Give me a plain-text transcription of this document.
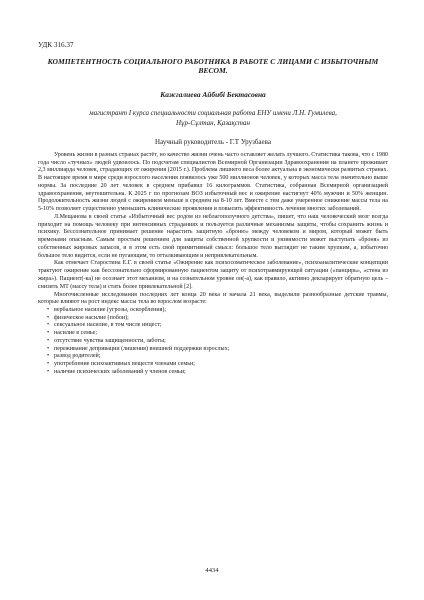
УДК 316.37
КОМПЕТЕНТНОСТЬ СОЦИАЛЬНОГО РАБОТНИКА В РАБОТЕ С ЛИЦАМИ С ИЗБЫТОЧНЫМ ВЕСОМ.
Кажгалиева Айбибі Бектасовна
магистрант I курса специальности социальная работа ЕНУ имени Л.Н. Гумилева,
Нұр-Сұлтан, Қазақстан
Научный руководитель - Г.Т Урузбаева

Уровень жизни в разных странах растёт, но качество жизни очень часто оставляет желать лучшего. Статистика такова, что с 1980 года число «тучных» людей удвоилось. По подсчетам специалистов Всемирной Организации Здравоохранения на планете проживает 2,3 миллиарда человек, страдающих от ожирения (2015 г.). Проблема лишнего веса более актуальна в экономически развитых странах. В настоящее время в мире среди взрослого населения появилось уже 500 миллионов человек, у которых масса тела значительно выше нормы. За последние 20 лет человек в среднем прибавил 16 килограммов. Статистика, собранная Всемирной организацией здравоохранения, неутешительна. К 2025 г по прогнозам ВОЗ избыточный вес и ожирение настигнут 40% мужчин и 50% женщин. Продолжительность жизни людей с ожирением меньше в среднем на 8-10 лет. Вместе с тем даже умеренное снижение массы тела на 5-10% позволяет существенно уменьшить клинические проявления и повысить эффективность лечения многих заболеваний.

Л.Мещанова в своей статье «Избыточный вес родом из неблагополучного детства», пишет, что наш человеческий мозг всегда приходит на помощь человеку при интенсивных страданиях и пользуется различные механизмы защиты, чтобы сохранить жизнь и психику. Бессознательное принимает решение нарастить защитную «броню» между человеком и миром, который может быть временами опасным. Самым простым решением для защиты собственной хрупкости и уязвимости может выступать «броня» из собственных жировых запасов, и в этом есть свой примитивный смысл: большое тело выглядит не таким хрупким, а, избыточно большое тело видится, если не пугающим, то отталкивающим и непривлекательным.

Как отмечает Старостина Е.Г. в своей статье «Ожирение как психосоматическое заболевание», психоаналитические концепции трактуют ожирение как бессознательно сформированную пациентом защиту от психотравмирующей ситуации («панцирь», «стена из жира»). Пациент(-ка) не осознает этот механизм, и на сознательном уровне он(-а), как правило, активно декларирует обратную цель – снизить МТ (массу тела) и стать более привлекательной [2].

Многочисленные исследования последних лет конца 20 века и начала 21 века, выделили разнообразные детские травмы, которые влияют на рост индекс массы тела во взрослом возрасте:

• вербальное насилие (угрозы, оскорбления);
• физическое насилие (побои);
• сексуальное насилие, в том числе инцест;
• насилие в семье;
• отсутствие чувства защищенности, заботы;
• переживание депривации (лишения) внешней поддержки взрослых;
• развод родителей;
• употребление психоактивных веществ членами семьи;
• наличие психических заболеваний у членов семьи;
4434
